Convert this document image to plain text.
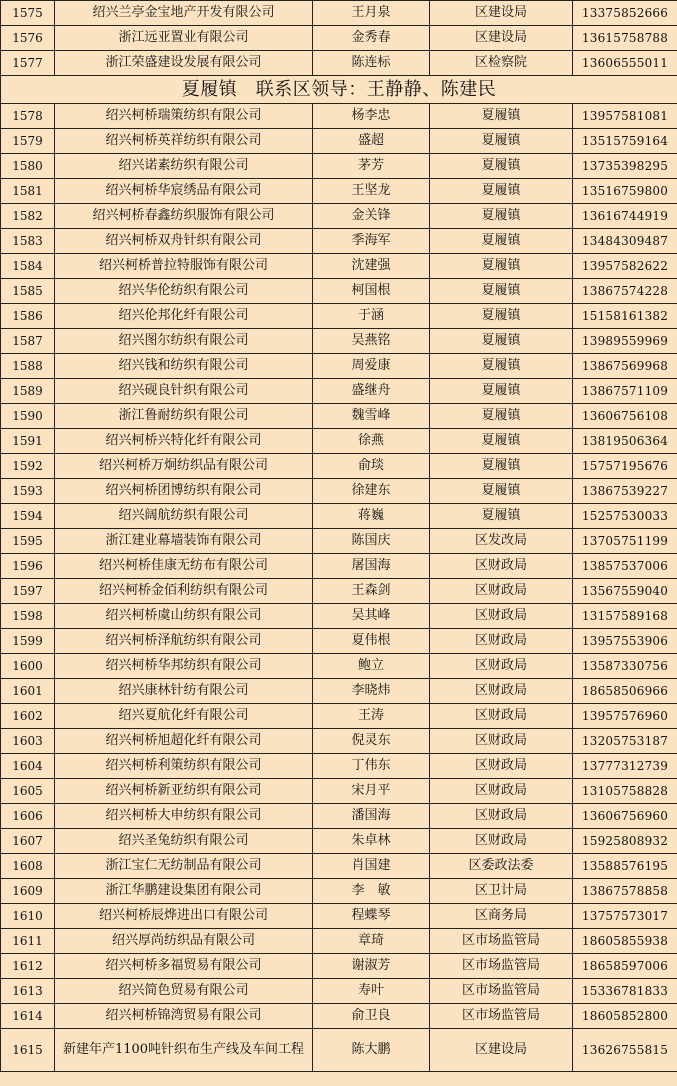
1575	绍兴兰亭金宝地产开发有限公司	王月泉	区建设局	13375852666
1576	浙江远亚置业有限公司	金秀春	区建设局	13615758788
1577	浙江荣盛建设发展有限公司	陈连标	区检察院	13606555011
夏履镇　联系区领导：王静静、陈建民				
1578	绍兴柯桥瑞策纺织有限公司	杨李忠	夏履镇	13957581081
1579	绍兴柯桥英祥纺织有限公司	盛超	夏履镇	13515759164
1580	绍兴诺素纺织有限公司	茅芳	夏履镇	13735398295
1581	绍兴柯桥华宸绣品有限公司	王坚龙	夏履镇	13516759800
1582	绍兴柯桥春鑫纺织服饰有限公司	金关锋	夏履镇	13616744919
1583	绍兴柯桥双舟针织有限公司	季海军	夏履镇	13484309487
1584	绍兴柯桥普拉特服饰有限公司	沈建强	夏履镇	13957582622
1585	绍兴华伦纺织有限公司	柯国根	夏履镇	13867574228
1586	绍兴伦邦化纤有限公司	于涵	夏履镇	15158161382
1587	绍兴图尔纺织有限公司	吴燕铭	夏履镇	13989559969
1588	绍兴钱和纺织有限公司	周爱康	夏履镇	13867569968
1589	绍兴砚良针织有限公司	盛继舟	夏履镇	13867571109
1590	浙江鲁耐纺织有限公司	魏雪峰	夏履镇	13606756108
1591	绍兴柯桥兴特化纤有限公司	徐燕	夏履镇	13819506364
1592	绍兴柯桥万炯纺织品有限公司	俞琰	夏履镇	15757195676
1593	绍兴柯桥团博纺织有限公司	徐建东	夏履镇	13867539227
1594	绍兴阔航纺织有限公司	蒋巍	夏履镇	15257530033
1595	浙江建业幕墙装饰有限公司	陈国庆	区发改局	13705751199
1596	绍兴柯桥佳康无纺布有限公司	屠国海	区财政局	13857537006
1597	绍兴柯桥金佰利纺织有限公司	王森剑	区财政局	13567559040
1598	绍兴柯桥虞山纺织有限公司	吴其峰	区财政局	13157589168
1599	绍兴柯桥泽航纺织有限公司	夏伟根	区财政局	13957553906
1600	绍兴柯桥华邦纺织有限公司	鲍立	区财政局	13587330756
1601	绍兴康林针纺有限公司	李晓炜	区财政局	18658506966
1602	绍兴夏航化纤有限公司	王涛	区财政局	13957576960
1603	绍兴柯桥旭超化纤有限公司	倪灵东	区财政局	13205753187
1604	绍兴柯桥利策纺织有限公司	丁伟东	区财政局	13777312739
1605	绍兴柯桥新亚纺织有限公司	宋月平	区财政局	13105758828
1606	绍兴柯桥大申纺织有限公司	潘国海	区财政局	13606756960
1607	绍兴圣兔纺织有限公司	朱卓林	区财政局	15925808932
1608	浙江宝仁无纺制品有限公司	肖国建	区委政法委	13588576195
1609	浙江华鹏建设集团有限公司	李　敏	区卫计局	13867578858
1610	绍兴柯桥辰烨进出口有限公司	程蝶琴	区商务局	13757573017
1611	绍兴厚尚纺织品有限公司	章琦	区市场监管局	18605855938
1612	绍兴柯桥多福贸易有限公司	谢淑芳	区市场监管局	18658597006
1613	绍兴简色贸易有限公司	寿叶	区市场监管局	15336781833
1614	绍兴柯桥锦湾贸易有限公司	俞卫良	区市场监管局	18605852800
1615	新建年产1100吨针织布生产线及车间工程	陈大鹏	区建设局	13626755815
